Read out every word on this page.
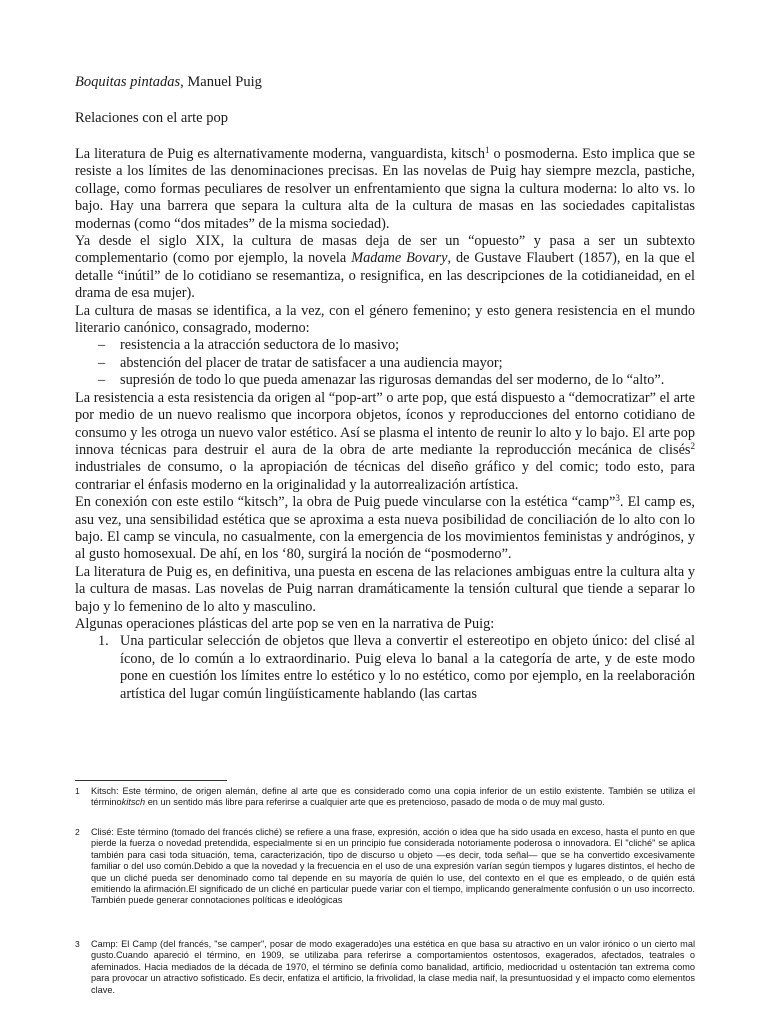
Boquitas pintadas, Manuel Puig
Relaciones con el arte pop

La literatura de Puig es alternativamente moderna, vanguardista, kitsch$^1$ o posmoderna. Esto implica que se resiste a los límites de las denominaciones precisas. En las novelas de Puig hay siempre mezcla, pastiche, collage, como formas peculiares de resolver un enfrentamiento que signa la cultura moderna: lo alto vs. lo bajo. Hay una barrera que separa la cultura alta de la cultura de masas en las sociedades capitalistas modernas (como “dos mitades” de la misma sociedad).

Ya desde el siglo XIX, la cultura de masas deja de ser un “opuesto” y pasa a ser un subtexto complementario (como por ejemplo, la novela Madame Bovary, de Gustave Flaubert (1857), en la que el detalle “inútil” de lo cotidiano se resemantiza, o resignifica, en las descripciones de la cotidianeidad, en el drama de esa mujer).

La cultura de masas se identifica, a la vez, con el género femenino; y esto genera resistencia en el mundo literario canónico, consagrado, moderno:

– resistencia a la atracción seductora de lo masivo;
– abstención del placer de tratar de satisfacer a una audiencia mayor;
– supresión de todo lo que pueda amenazar las rigurosas demandas del ser moderno, de lo “alto”.

La resistencia a esta resistencia da origen al “pop-art” o arte pop, que está dispuesto a “democratizar” el arte por medio de un nuevo realismo que incorpora objetos, íconos y reproducciones del entorno cotidiano de consumo y les otroga un nuevo valor estético. Así se plasma el intento de reunir lo alto y lo bajo. El arte pop innova técnicas para destruir el aura de la obra de arte mediante la reproducción mecánica de clisés$^2$ industriales de consumo, o la apropiación de técnicas del diseño gráfico y del comic; todo esto, para contrariar el énfasis moderno en la originalidad y la autorrealización artística.

En conexión con este estilo “kitsch”, la obra de Puig puede vincularse con la estética “camp”$^3$. El camp es, asu vez, una sensibilidad estética que se aproxima a esta nueva posibilidad de conciliación de lo alto con lo bajo. El camp se vincula, no casualmente, con la emergencia de los movimientos feministas y andróginos, y al gusto homosexual. De ahí, en los ‘80, surgirá la noción de “posmoderno”.

La literatura de Puig es, en definitiva, una puesta en escena de las relaciones ambiguas entre la cultura alta y la cultura de masas. Las novelas de Puig narran dramáticamente la tensión cultural que tiende a separar lo bajo y lo femenino de lo alto y masculino.

Algunas operaciones plásticas del arte pop se ven en la narrativa de Puig:

1. Una particular selección de objetos que lleva a convertir el estereotipo en objeto único: del clisé al ícono, de lo común a lo extraordinario. Puig eleva lo banal a la categoría de arte, y de este modo pone en cuestión los límites entre lo estético y lo no estético, como por ejemplo, en la reelaboración artística del lugar común lingüísticamente hablando (las cartas
1 Kitsch: Este término, de origen alemán, define al arte que es considerado como una copia inferior de un estilo existente. También se utiliza el términokitsch en un sentido más libre para referirse a cualquier arte que es pretencioso, pasado de moda o de muy mal gusto.
2 Clisé: Este término (tomado del francés cliché) se refiere a una frase, expresión, acción o idea que ha sido usada en exceso, hasta el punto en que pierde la fuerza o novedad pretendida, especialmente si en un principio fue considerada notoriamente poderosa o innovadora. El "cliché" se aplica también para casi toda situación, tema, caracterización, tipo de discurso u objeto —es decir, toda señal— que se ha convertido excesivamente familiar o del uso común.Debido a que la novedad y la frecuencia en el uso de una expresión varían según tiempos y lugares distintos, el hecho de que un cliché pueda ser denominado como tal depende en su mayoría de quién lo use, del contexto en el que es empleado, o de quién está emitiendo la afirmación.El significado de un cliché en particular puede variar con el tiempo, implicando generalmente confusión o un uso incorrecto. También puede generar connotaciones políticas e ideológicas
3 Camp: El Camp (del francés, "se camper", posar de modo exagerado)es una estética en que basa su atractivo en un valor irónico o un cierto mal gusto.Cuando apareció el término, en 1909, se utilizaba para referirse a comportamientos ostentosos, exagerados, afectados, teatrales o afeminados. Hacia mediados de la década de 1970, el término se definía como banalidad, artificio, mediocridad u ostentación tan extrema como para provocar un atractivo sofisticado. Es decir, enfatiza el artificio, la frivolidad, la clase media naif, la presuntuosidad y el impacto como elementos clave.
